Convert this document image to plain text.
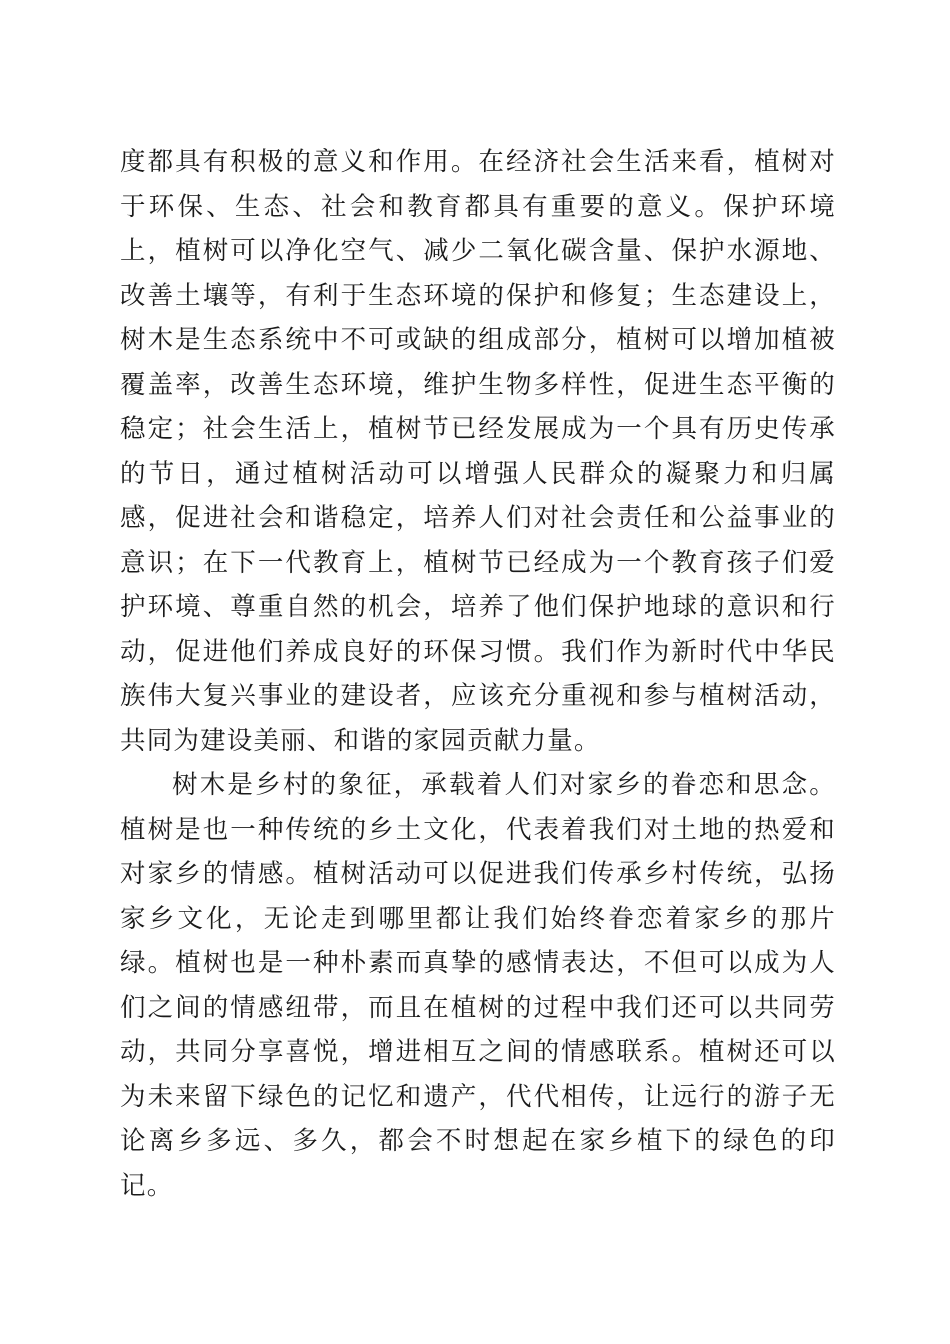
度都具有积极的意义和作用。在经济社会生活来看，植树对于环保、生态、社会和教育都具有重要的意义。保护环境上，植树可以净化空气、减少二氧化碳含量、保护水源地、改善土壤等，有利于生态环境的保护和修复；生态建设上，树木是生态系统中不可或缺的组成部分，植树可以增加植被覆盖率，改善生态环境，维护生物多样性，促进生态平衡的稳定；社会生活上，植树节已经发展成为一个具有历史传承的节日，通过植树活动可以增强人民群众的凝聚力和归属感，促进社会和谐稳定，培养人们对社会责任和公益事业的意识；在下一代教育上，植树节已经成为一个教育孩子们爱护环境、尊重自然的机会，培养了他们保护地球的意识和行动，促进他们养成良好的环保习惯。我们作为新时代中华民族伟大复兴事业的建设者，应该充分重视和参与植树活动，共同为建设美丽、和谐的家园贡献力量。

树木是乡村的象征，承载着人们对家乡的眷恋和思念。植树是也一种传统的乡土文化，代表着我们对土地的热爱和对家乡的情感。植树活动可以促进我们传承乡村传统，弘扬家乡文化，无论走到哪里都让我们始终眷恋着家乡的那片绿。植树也是一种朴素而真挚的感情表达，不但可以成为人们之间的情感纽带，而且在植树的过程中我们还可以共同劳动，共同分享喜悦，增进相互之间的情感联系。植树还可以为未来留下绿色的记忆和遗产，代代相传，让远行的游子无论离乡多远、多久，都会不时想起在家乡植下的绿色的印记。
